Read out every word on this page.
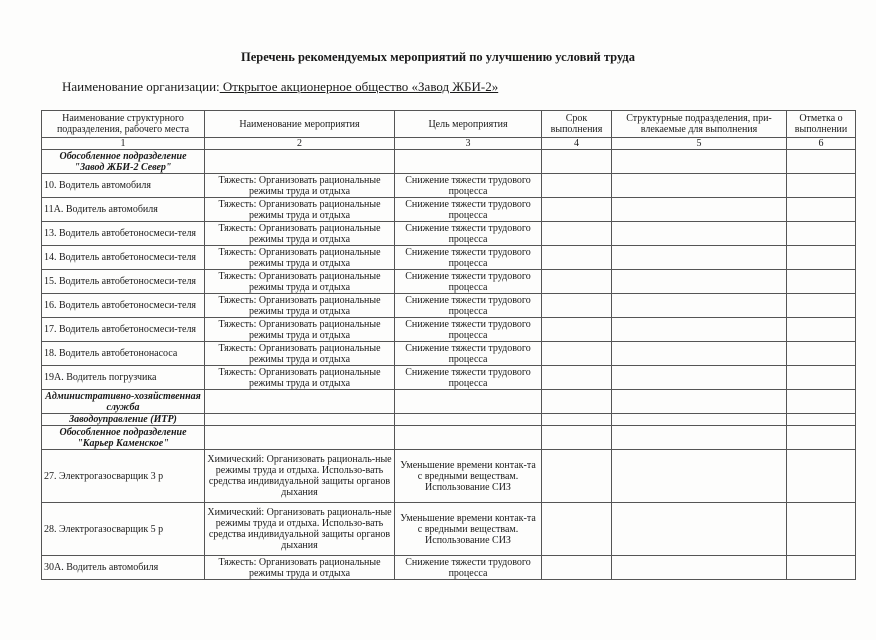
Перечень рекомендуемых мероприятий по улучшению условий труда
Наименование организации: Открытое акционерное общество «Завод ЖБИ-2»
Наименование структурного подразделения, рабочего места	Наименование мероприятия	Цель мероприятия	Срок выполнения	Структурные подразделения, при-влекаемые для выполнения	Отметка о выполнении
1	2	3	4	5	6
Обособленное подразделение "Завод ЖБИ-2 Север"					
10. Водитель автомобиля	Тяжесть: Организовать рациональные режимы труда и отдыха	Снижение тяжести трудового процесса			
11А. Водитель автомобиля	Тяжесть: Организовать рациональные режимы труда и отдыха	Снижение тяжести трудового процесса			
13. Водитель автобетоносмеси-теля	Тяжесть: Организовать рациональные режимы труда и отдыха	Снижение тяжести трудового процесса			
14. Водитель автобетоносмеси-теля	Тяжесть: Организовать рациональные режимы труда и отдыха	Снижение тяжести трудового процесса			
15. Водитель автобетоносмеси-теля	Тяжесть: Организовать рациональные режимы труда и отдыха	Снижение тяжести трудового процесса			
16. Водитель автобетоносмеси-теля	Тяжесть: Организовать рациональные режимы труда и отдыха	Снижение тяжести трудового процесса			
17. Водитель автобетоносмеси-теля	Тяжесть: Организовать рациональные режимы труда и отдыха	Снижение тяжести трудового процесса			
18. Водитель автобетононасоса	Тяжесть: Организовать рациональные режимы труда и отдыха	Снижение тяжести трудового процесса			
19А. Водитель погрузчика	Тяжесть: Организовать рациональные режимы труда и отдыха	Снижение тяжести трудового процесса			
Административно-хозяйственная служба					
Заводоуправление (ИТР)					
Обособленное подразделение "Карьер Каменское"					
27. Электрогазосварщик 3 р	Химический: Организовать рациональ-ные режимы труда и отдыха. Использо-вать средства индивидуальной защиты органов дыхания	Уменьшение времени контак-та с вредными веществам. Использование СИЗ			
28. Электрогазосварщик 5 р	Химический: Организовать рациональ-ные режимы труда и отдыха. Использо-вать средства индивидуальной защиты органов дыхания	Уменьшение времени контак-та с вредными веществам. Использование СИЗ			
30А. Водитель автомобиля	Тяжесть: Организовать рациональные режимы труда и отдыха	Снижение тяжести трудового процесса			
